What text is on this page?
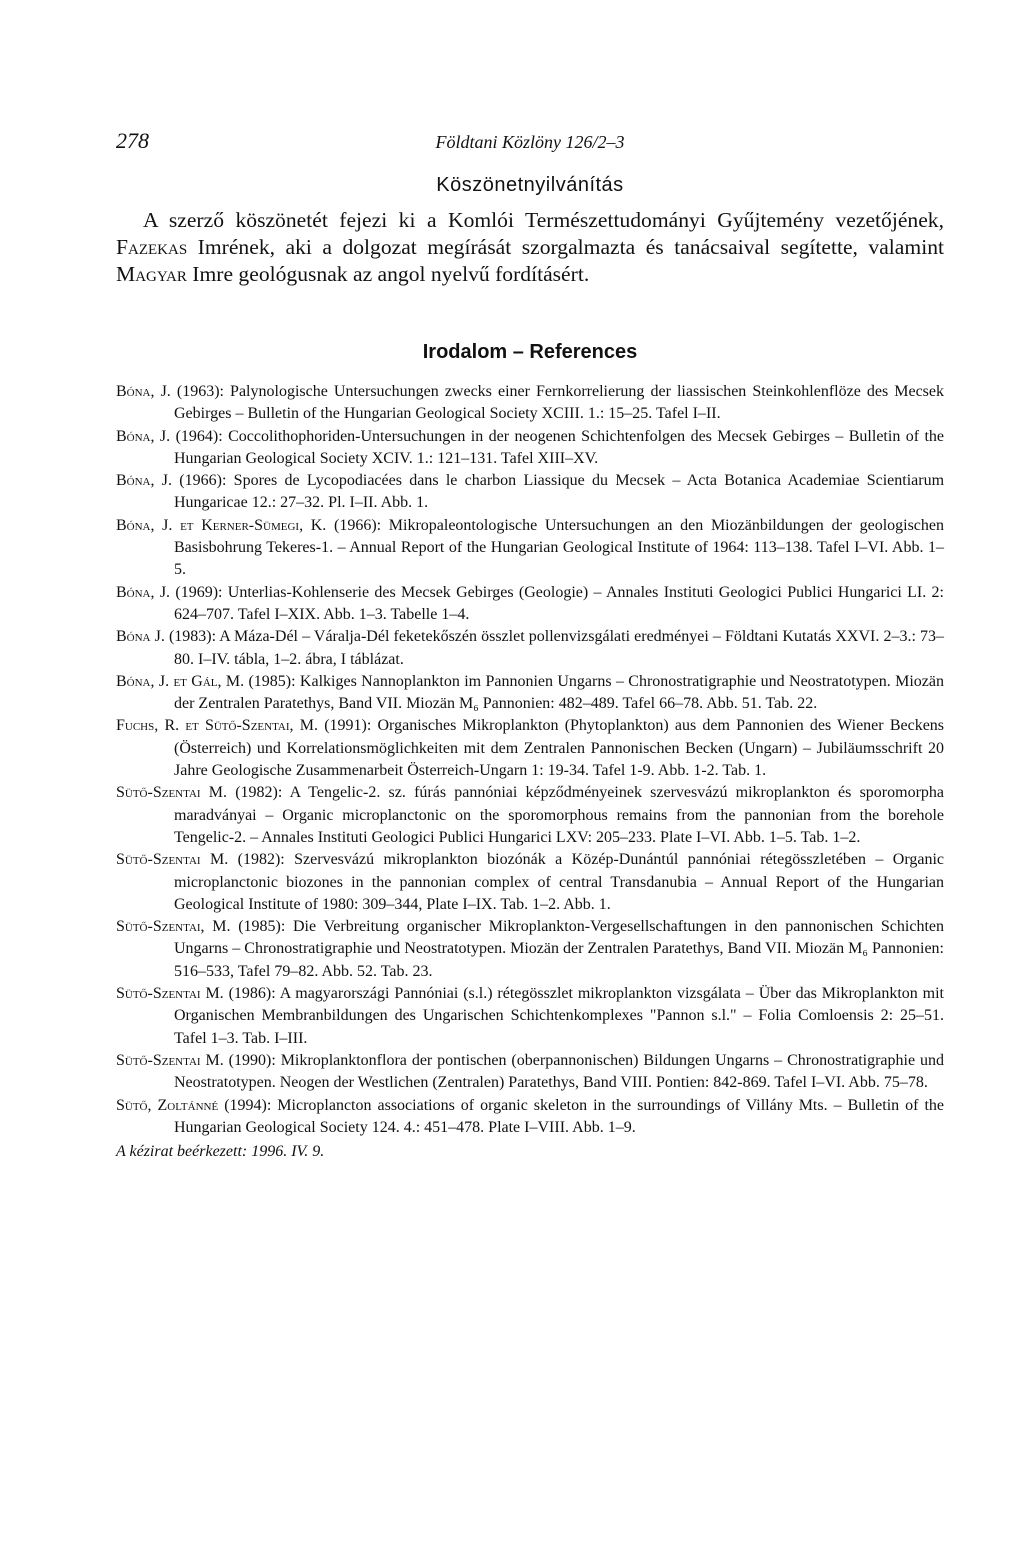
278	Földtani Közlöny 126/2–3
Köszönetnyilvánítás

A szerző köszönetét fejezi ki a Komlói Természettudományi Gyűjtemény vezetőjének, Fazekas Imrének, aki a dolgozat megírását szorgalmazta és tanácsaival segítette, valamint Magyar Imre geológusnak az angol nyelvű fordításért.

Irodalom – References
Bóna, J. (1963): Palynologische Untersuchungen zwecks einer Fernkorrelierung der liassischen Steinkohlenflöze des Mecsek Gebirges – Bulletin of the Hungarian Geological Society XCIII. 1.: 15–25. Tafel I–II.
Bóna, J. (1964): Coccolithophoriden-Untersuchungen in der neogenen Schichtenfolgen des Mecsek Gebirges – Bulletin of the Hungarian Geological Society XCIV. 1.: 121–131. Tafel XIII–XV.
Bóna, J. (1966): Spores de Lycopodiacées dans le charbon Liassique du Mecsek – Acta Botanica Academiae Scientiarum Hungaricae 12.: 27–32. Pl. I–II. Abb. 1.
Bóna, J. et Kerner-Sümegi, K. (1966): Mikropaleontologische Untersuchungen an den Miozänbildungen der geologischen Basisbohrung Tekeres-1. – Annual Report of the Hungarian Geological Institute of 1964: 113–138. Tafel I–VI. Abb. 1–5.
Bóna, J. (1969): Unterlias-Kohlenserie des Mecsek Gebirges (Geologie) – Annales Instituti Geologici Publici Hungarici LI. 2: 624–707. Tafel I–XIX. Abb. 1–3. Tabelle 1–4.
Bóna J. (1983): A Máza-Dél – Váralja-Dél feketekőszén összlet pollenvizsgálati eredményei – Földtani Kutatás XXVI. 2–3.: 73–80. I–IV. tábla, 1–2. ábra, I táblázat.
Bóna, J. et Gál, M. (1985): Kalkiges Nannoplankton im Pannonien Ungarns – Chronostratigraphie und Neostratotypen. Miozän der Zentralen Paratethys, Band VII. Miozän M₆ Pannonien: 482–489. Tafel 66–78. Abb. 51. Tab. 22.
Fuchs, R. et Sütő-Szentai, M. (1991): Organisches Mikroplankton (Phytoplankton) aus dem Pannonien des Wiener Beckens (Österreich) und Korrelationsmöglichkeiten mit dem Zentralen Pannonischen Becken (Ungarn) – Jubiläumsschrift 20 Jahre Geologische Zusammenarbeit Österreich-Ungarn 1: 19-34. Tafel 1-9. Abb. 1-2. Tab. 1.
Sütő-Szentai M. (1982): A Tengelic-2. sz. fúrás pannóniai képződményeinek szervesvázú mikroplankton és sporomorpha maradványai – Organic microplanctonic on the sporomorphous remains from the pannonian from the borehole Tengelic-2. – Annales Instituti Geologici Publici Hungarici LXV: 205–233. Plate I–VI. Abb. 1–5. Tab. 1–2.
Sütő-Szentai M. (1982): Szervesvázú mikroplankton biozónák a Közép-Dunántúl pannóniai rétegösszletében – Organic microplanctonic biozones in the pannonian complex of central Transdanubia – Annual Report of the Hungarian Geological Institute of 1980: 309–344, Plate I–IX. Tab. 1–2. Abb. 1.
Sütő-Szentai, M. (1985): Die Verbreitung organischer Mikroplankton-Vergesellschaftungen in den pannonischen Schichten Ungarns – Chronostratigraphie und Neostratotypen. Miozän der Zentralen Paratethys, Band VII. Miozän M₆ Pannonien: 516–533, Tafel 79–82. Abb. 52. Tab. 23.
Sütő-Szentai M. (1986): A magyarországi Pannóniai (s.l.) rétegösszlet mikroplankton vizsgálata – Über das Mikroplankton mit Organischen Membranbildungen des Ungarischen Schichtenkomplexes "Pannon s.l." – Folia Comloensis 2: 25–51. Tafel 1–3. Tab. I–III.
Sütő-Szentai M. (1990): Mikroplanktonflora der pontischen (oberpannonischen) Bildungen Ungarns – Chronostratigraphie und Neostratotypen. Neogen der Westlichen (Zentralen) Paratethys, Band VIII. Pontien: 842-869. Tafel I–VI. Abb. 75–78.
Sütő, Zoltánné (1994): Microplancton associations of organic skeleton in the surroundings of Villány Mts. – Bulletin of the Hungarian Geological Society 124. 4.: 451–478. Plate I–VIII. Abb. 1–9.
A kézirat beérkezett: 1996. IV. 9.
